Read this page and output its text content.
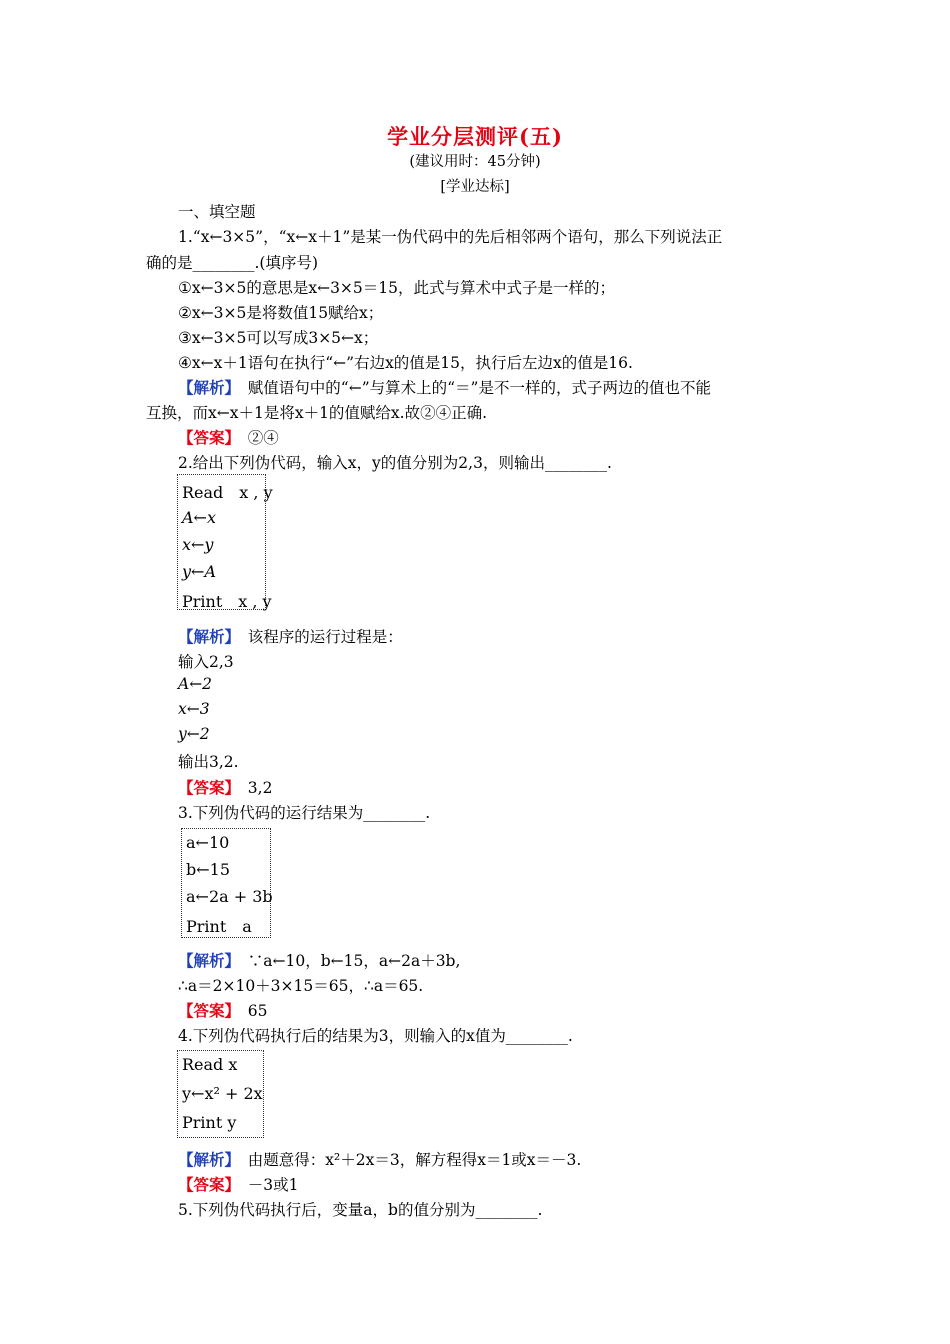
学业分层测评(五)
(建议用时：45分钟)
[学业达标]
一、填空题
1.“x←3×5”，“x←x＋1”是某一伪代码中的先后相邻两个语句，那么下列说法正
确的是________.(填序号)
①x←3×5的意思是x←3×5＝15，此式与算术中式子是一样的；
②x←3×5是将数值15赋给x；
③x←3×5可以写成3×5←x；
④x←x＋1语句在执行“←”右边x的值是15，执行后左边x的值是16.
【解析】　 赋值语句中的“←”与算术上的“＝”是不一样的，式子两边的值也不能
互换，而x←x＋1是将x＋1的值赋给x.故②④正确.
【答案】　 ②④
2.给出下列伪代码，输入x，y的值分别为2,3，则输出________.
Read　x , y
A←x
x←y
y←A
Print　x , y
【解析】　 该程序的运行过程是：
输入2,3
A←2
x←3
y←2
输出3,2.
【答案】　 3,2
3.下列伪代码的运行结果为________.
a←10
b←15
a←2a + 3b
Print　a
【解析】　 ∵a←10，b←15，a←2a＋3b,
∴a＝2×10＋3×15＝65，∴a＝65.
【答案】　 65
4.下列伪代码执行后的结果为3，则输入的x值为________.
Read x
y←x² + 2x
Print y
【解析】　 由题意得：x²＋2x＝3，解方程得x＝1或x＝－3.
【答案】　 －3或1
5.下列伪代码执行后，变量a，b的值分别为________.
